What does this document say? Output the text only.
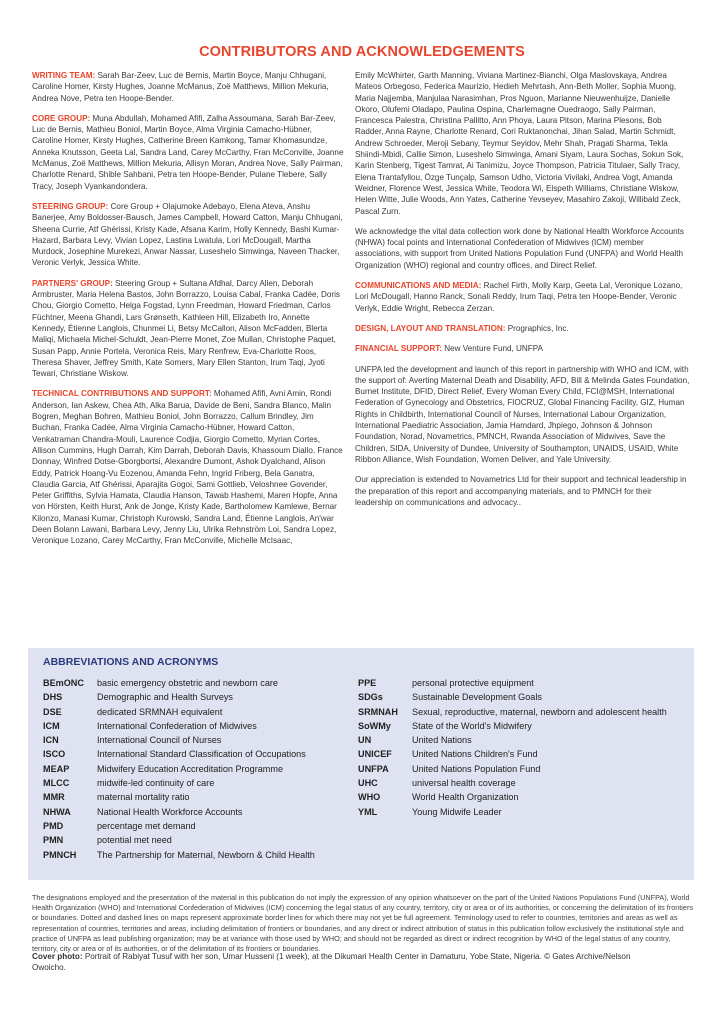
CONTRIBUTORS AND ACKNOWLEDGEMENTS

WRITING TEAM: Sarah Bar-Zeev, Luc de Bernis, Martin Boyce, Manju Chhugani, Caroline Homer, Kirsty Hughes, Joanne McManus, Zoë Matthews, Million Mekuria, Andrea Nove, Petra ten Hoope-Bender.

CORE GROUP: Muna Abdullah, Mohamed Afifi, Zalha Assoumana, Sarah Bar-Zeev, Luc de Bernis, Mathieu Boniol, Martin Boyce, Alma Virginia Camacho-Hübner, Caroline Homer, Kirsty Hughes, Catherine Breen Kamkong, Tamar Khomasundze, Anneka Knutsson, Geeta Lal, Sandra Land, Carey McCarthy, Fran McConville, Joanne McManus, Zoë Matthews, Million Mekuria, Allisyn Moran, Andrea Nove, Sally Pairman, Charlotte Renard, Shible Sahbani, Petra ten Hoope-Bender, Pulane Tlebere, Sally Tracy, Joseph Vyankandondera.

STEERING GROUP: Core Group + Olajumoke Adebayo, Elena Ateva, Anshu Banerjee, Amy Boldosser-Bausch, James Campbell, Howard Catton, Manju Chhugani, Sheena Currie, Atf Ghérissi, Kristy Kade, Afsana Karim, Holly Kennedy, Bashi Kumar-Hazard, Barbara Levy, Vivian Lopez, Lastina Lwatula, Lori McDougall, Martha Murdock, Josephine Murekezi, Anwar Nassar, Luseshelo Simwinga, Naveen Thacker, Veronic Verlyk, Jessica White.

PARTNERS' GROUP: Steering Group + Sultana Afdhal, Darcy Allen, Deborah Armbruster, Maria Helena Bastos, John Borrazzo, Louisa Cabal, Franka Cadée, Doris Chou, Giorgio Cometto, Helga Fogstad, Lynn Freedman, Howard Friedman, Carlos Füchtner, Meena Ghandi, Lars Grønseth, Kathleen Hill, Elizabeth Iro, Annette Kennedy, Étienne Langlois, Chunmei Li, Betsy McCallon, Alison McFadden, Blerta Maliqi, Michaela Michel-Schuldt, Jean-Pierre Monet, Zoe Mullan, Christophe Paquet, Susan Papp, Annie Portela, Veronica Reis, Mary Renfrew, Eva-Charlotte Roos, Theresa Shaver, Jeffrey Smith, Kate Somers, Mary Ellen Stanton, Irum Taqi, Jyoti Tewari, Christiane Wiskow.

TECHNICAL CONTRIBUTIONS AND SUPPORT: Mohamed Afifi, Avni Amin, Rondi Anderson, Ian Askew, Chea Ath, Alka Barua, Davide de Beni, Sandra Blanco, Malin Bogren, Meghan Bohren, Mathieu Boniol, John Borrazzo, Callum Brindley, Jim Buchan, Franka Cadée, Alma Virginia Camacho-Hübner, Howard Catton, Venkatraman Chandra-Mouli, Laurence Codjia, Giorgio Cometto, Myrian Cortes, Allison Cummins, Hugh Darrah, Kim Darrah, Deborah Davis, Khassoum Diallo, France Donnay, Winfred Dotse-Gborgbortsi, Alexandre Dumont, Ashok Dyalchand, Alison Eddy, Patrick Hoang-Vu Eozenou, Amanda Fehn, Ingrid Friberg, Bela Ganatra, Claudia Garcia, Atf Ghérissi, Aparajita Gogoi, Sami Gottlieb, Veloshnee Govender, Peter Griffiths, Sylvia Hamata, Claudia Hanson, Tawab Hashemi, Maren Hopfe, Anna von Hörsten, Keith Hurst, Ank de Jonge, Kristy Kade, Bartholomew Kamlewe, Bernar Kilonzo, Manasi Kumar, Christoph Kurowski, Sandra Land, Étienne Langlois, An'war Deen Bolann Lawani, Barbara Levy, Jenny Liu, Ulrika Rehnström Loi, Sandra Lopez, Veronique Lozano, Carey McCarthy, Fran McConville, Michelle McIsaac,

Emily McWhirter, Garth Manning, Viviana Martinez-Bianchi, Olga Maslovskaya, Andrea Mateos Orbegoso, Federica Maurizio, Hedieh Mehrtash, Ann-Beth Moller, Sophia Muong, Maria Najjemba, Manjulaa Narasimhan, Pros Nguon, Marianne Nieuwenhuijze, Danielle Okoro, Olufemi Oladapo, Paulina Ospina, Charlemagne Ouedraogo, Sally Pairman, Francesca Palestra, Christina Pallitto, Ann Phoya, Laura Pitson, Marina Plesons, Bob Radder, Anna Rayne, Charlotte Renard, Cori Ruktanonchai, Jihan Salad, Martin Schmidt, Andrew Schroeder, Meroji Sebany, Teymur Seyidov, Mehr Shah, Pragati Sharma, Tekla Shiindi-Mbidi, Callie Simon, Luseshelo Simwinga, Amani Siyam, Laura Sochas, Sokun Sok, Karin Stenberg, Tigest Tamrat, Ai Tanimizu, Joyce Thompson, Patricia Titulaer, Sally Tracy, Elena Trantafyllou, Özge Tunçalp, Samson Udho, Victoria Vivilaki, Andrea Vogt, Amanda Weidner, Florence West, Jessica White, Teodora Wi, Elspeth Williams, Christiane Wiskow, Helen Witte, Julie Woods, Ann Yates, Catherine Yevseyev, Masahiro Zakoji, Willibald Zeck, Pascal Zurn.

We acknowledge the vital data collection work done by National Health Workforce Accounts (NHWA) focal points and International Confederation of Midwives (ICM) member associations, with support from United Nations Population Fund (UNFPA) and World Health Organization (WHO) regional and country offices, and Direct Relief.

COMMUNICATIONS AND MEDIA: Rachel Firth, Molly Karp, Geeta Lal, Veronique Lozano, Lori McDougall, Hanno Ranck, Sonali Reddy, Irum Taqi, Petra ten Hoope-Bender, Veronic Verlyk, Eddie Wright, Rebecca Zerzan.

DESIGN, LAYOUT AND TRANSLATION: Prographics, Inc.

FINANCIAL SUPPORT: New Venture Fund, UNFPA

UNFPA led the development and launch of this report in partnership with WHO and ICM, with the support of: Averting Maternal Death and Disability, AFD, Bill & Melinda Gates Foundation, Burnet Institute, DFID, Direct Relief, Every Woman Every Child, FCI@MSH, International Federation of Gynecology and Obstetrics, FIOCRUZ, Global Financing Facility, GIZ, Human Rights in Childbirth, International Council of Nurses, International Labour Organization, International Paediatric Association, Jamia Hamdard, Jhpiego, Johnson & Johnson Foundation, Norad, Novametrics, PMNCH, Rwanda Association of Midwives, Save the Children, SIDA, University of Dundee, University of Southampton, UNAIDS, USAID, White Ribbon Alliance, Wish Foundation, Women Deliver, and Yale University.

Our appreciation is extended to Novametrics Ltd for their support and technical leadership in the preparation of this report and accompanying materials, and to PMNCH for their leadership on communications and advocacy..

ABBREVIATIONS AND ACRONYMS
BEmONC	basic emergency obstetric and newborn care
DHS	Demographic and Health Surveys
DSE	dedicated SRMNAH equivalent
ICM	International Confederation of Midwives
ICN	International Council of Nurses
ISCO	International Standard Classification of Occupations
MEAP	Midwifery Education Accreditation Programme
MLCC	midwife-led continuity of care
MMR	maternal mortality ratio
NHWA	National Health Workforce Accounts
PMD	percentage met demand
PMN	potential met need
PMNCH	The Partnership for Maternal, Newborn & Child Health
PPE	personal protective equipment
SDGs	Sustainable Development Goals
SRMNAH	Sexual, reproductive, maternal, newborn and adolescent health
SoWMy	State of the World's Midwifery
UN	United Nations
UNICEF	United Nations Children's Fund
UNFPA	United Nations Population Fund
UHC	universal health coverage
WHO	World Health Organization
YML	Young Midwife Leader
The designations employed and the presentation of the material in this publication do not imply the expression of any opinion whatsoever on the part of the United Nations Populations Fund (UNFPA), World Health Organization (WHO) and International Confederation of Midwives (ICM) concerning the legal status of any country, territory, city or area or of its authorities, or concerning the delimitation of its frontiers or boundaries. Dotted and dashed lines on maps represent approximate border lines for which there may not yet be full agreement. Terminology used to refer to countries, territories and areas as well as representation of countries, territories and areas, including delimitation of frontiers or boundaries, and any direct or indirect attribution of status in this publication follow exclusively the institutional style and practice of UNFPA as lead publishing organization; may be at variance with those used by WHO; and should not be regarded as direct or indirect recognition by WHO of the legal status of any country, territory, city or area or of its authorities, or of the delimitation of its frontiers or boundaries.
Cover photo: Portrait of Rabiyat Tusuf with her son, Umar Husseni (1 week), at the Dikumari Health Center in Damaturu, Yobe State, Nigeria. © Gates Archive/Nelson Owoicho.
